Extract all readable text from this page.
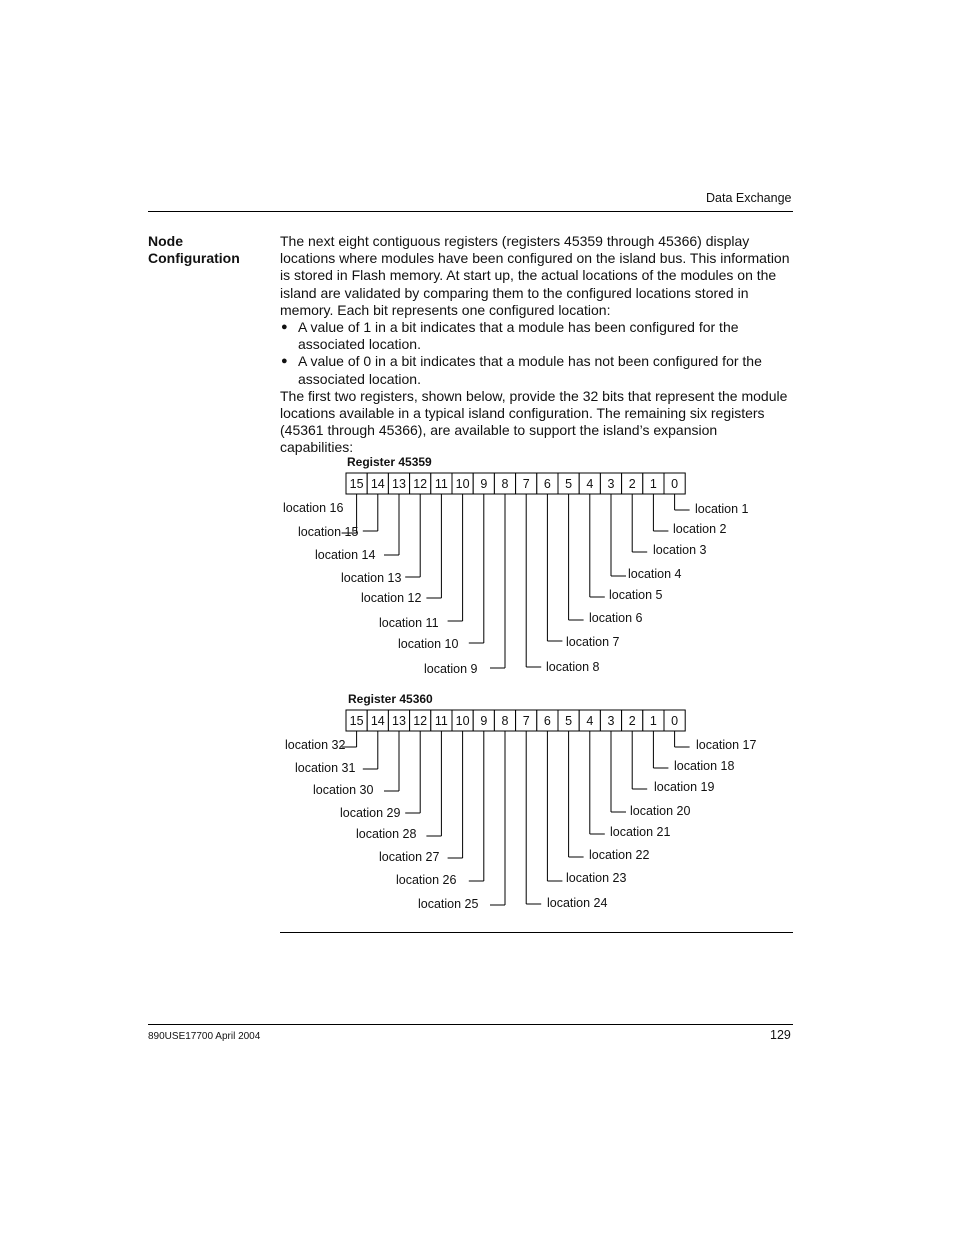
Data Exchange
Node
Configuration

The next eight contiguous registers (registers 45359 through 45366) display locations where modules have been configured on the island bus. This information is stored in Flash memory. At start up, the actual locations of the modules on the island are validated by comparing them to the configured locations stored in memory. Each bit represents one configured location:

● A value of 1 in a bit indicates that a module has been configured for the associated location.
● A value of 0 in a bit indicates that a module has not been configured for the associated location.

The first two registers, shown below, provide the 32 bits that represent the module locations available in a typical island configuration. The remaining six registers (45361 through 45366), are available to support the island’s expansion capabilities:

Register 45359
15 14 13 12 11 10 9 8 7 6 5 4 3 2 1 0
location 16
location 15
location 14
location 13
location 12
location 11
location 10
location 9	location 8
location 7
location 6
location 5
location 4
location 3
location 2
location 1
Register 45360
15 14 13 12 11 10 9 8 7 6 5 4 3 2 1 0
location 32
location 31
location 30
location 29
location 28
location 27
location 26
location 25	location 24
location 23
location 22
location 21
location 20
location 19
location 18
location 17
890USE17700 April 2004	129
